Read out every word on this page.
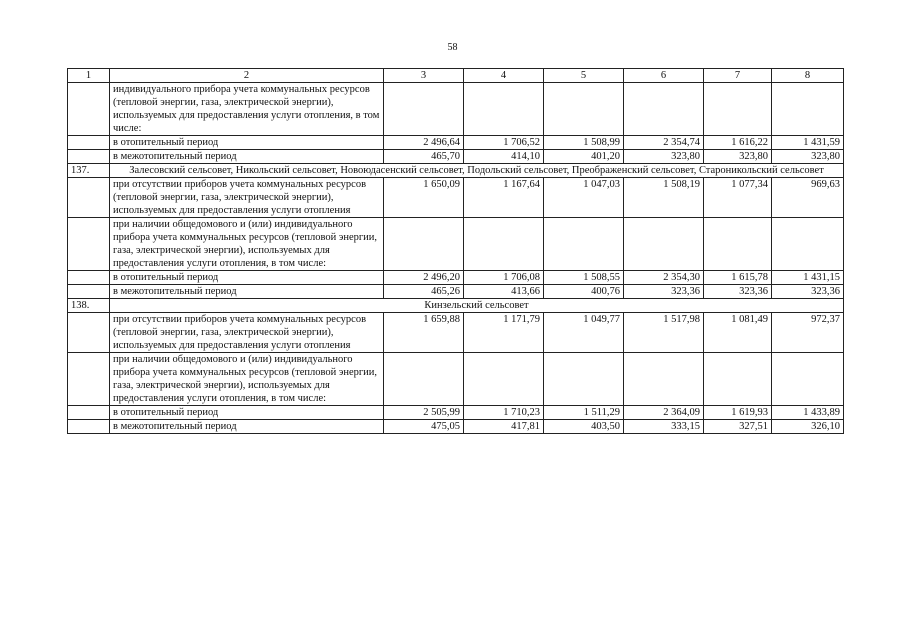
58
1	2	3	4	5	6	7	8
	индивидуального прибора учета коммунальных ресурсов (тепловой энергии, газа, электрической энергии), используемых для предоставления услуги отопления, в том числе:						
	в отопительный период	2 496,64	1 706,52	1 508,99	2 354,74	1 616,22	1 431,59
	в межотопительный период	465,70	414,10	401,20	323,80	323,80	323,80
137.	Залесовский сельсовет, Никольский сельсовет, Новоюдасенский сельсовет, Подольский сельсовет, Преображенский сельсовет, Староникольский сельсовет						
	при отсутствии приборов учета коммунальных ресурсов (тепловой энергии, газа, электрической энергии), используемых для предоставления услуги отопления	1 650,09	1 167,64	1 047,03	1 508,19	1 077,34	969,63
	при наличии общедомового и (или) индивидуального прибора учета коммунальных ресурсов (тепловой энергии, газа, электрической энергии), используемых для предоставления услуги отопления, в том числе:						
	в отопительный период	2 496,20	1 706,08	1 508,55	2 354,30	1 615,78	1 431,15
	в межотопительный период	465,26	413,66	400,76	323,36	323,36	323,36
138.	Кинзельский сельсовет						
	при отсутствии приборов учета коммунальных ресурсов (тепловой энергии, газа, электрической энергии), используемых для предоставления услуги отопления	1 659,88	1 171,79	1 049,77	1 517,98	1 081,49	972,37
	при наличии общедомового и (или) индивидуального прибора учета коммунальных ресурсов (тепловой энергии, газа, электрической энергии), используемых для предоставления услуги отопления, в том числе:						
	в отопительный период	2 505,99	1 710,23	1 511,29	2 364,09	1 619,93	1 433,89
	в межотопительный период	475,05	417,81	403,50	333,15	327,51	326,10
